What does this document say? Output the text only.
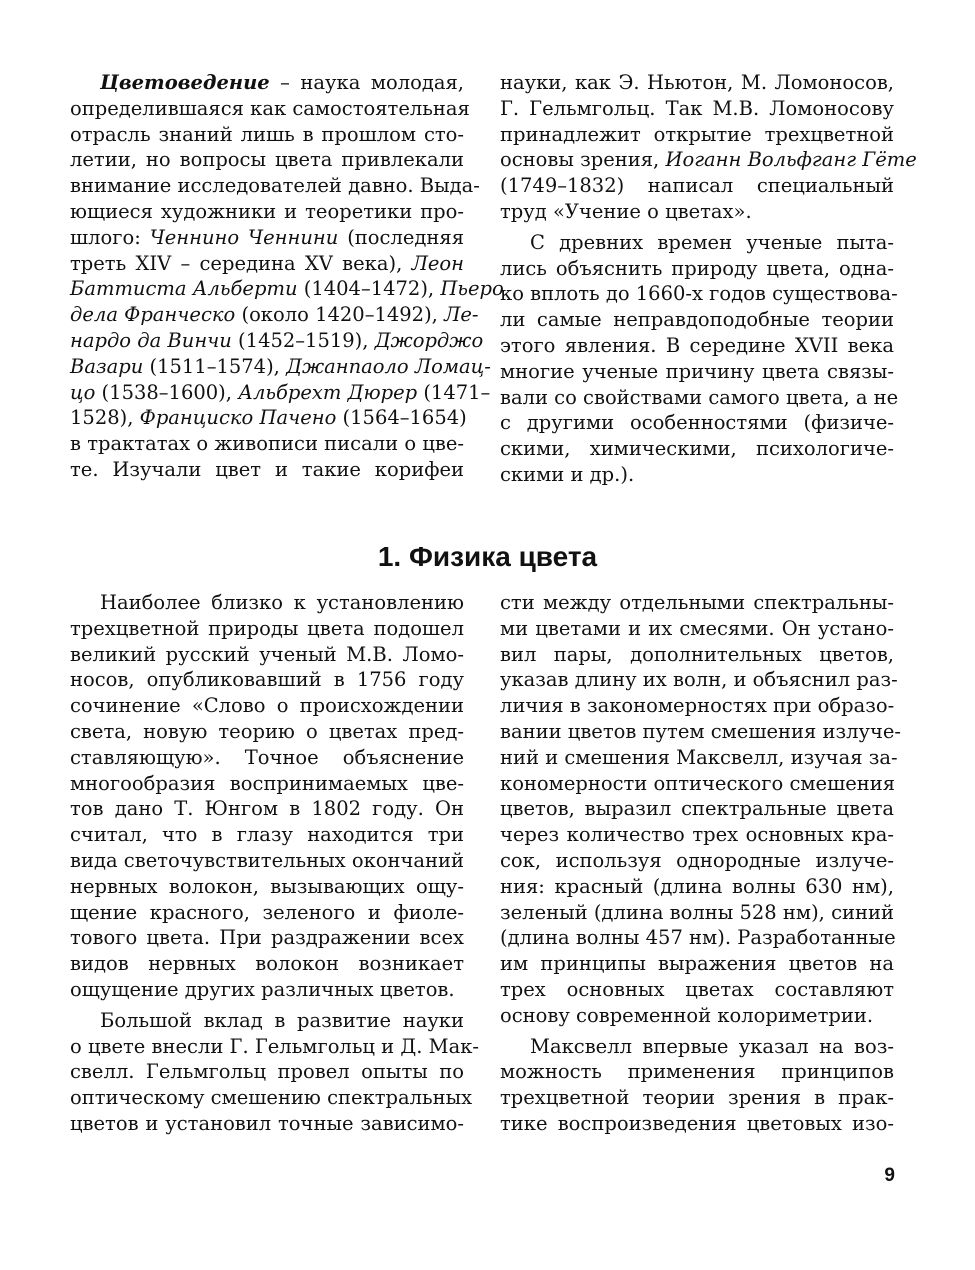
Цветоведение – наука молодая,
определившаяся как самостоятельная
отрасль знаний лишь в прошлом сто-
летии, но вопросы цвета привлекали
внимание исследователей давно. Выда-
ющиеся художники и теоретики про-
шлого: Ченнино Ченнини (последняя
треть XIV – середина XV века), Леон
Баттиста Альберти (1404–1472), Пьеро
дела Франческо (около 1420–1492), Ле-
нардо да Винчи (1452–1519), Джорджо
Вазари (1511–1574), Джанпаоло Ломац-
цо (1538–1600), Альбрехт Дюрер (1471–
1528), Франциско Пачено (1564–1654)
в трактатах о живописи писали о цве-
те. Изучали цвет и такие корифеи
науки, как Э. Ньютон, М. Ломоносов,
Г. Гельмгольц. Так М.В. Ломоносову
принадлежит открытие трехцветной
основы зрения, Иоганн Вольфганг Гёте
(1749–1832) написал специальный
труд «Учение о цветах».
С древних времен ученые пыта-
лись объяснить природу цвета, одна-
ко вплоть до 1660-х годов существова-
ли самые неправдоподобные теории
этого явления. В середине XVII века
многие ученые причину цвета связы-
вали со свойствами самого цвета, а не
с другими особенностями (физиче-
скими, химическими, психологиче-
скими и др.).
1. Физика цвета
Наиболее близко к установлению
трехцветной природы цвета подошел
великий русский ученый М.В. Ломо-
носов, опубликовавший в 1756 году
сочинение «Слово о происхождении
света, новую теорию о цветах пред-
ставляющую». Точное объяснение
многообразия воспринимаемых цве-
тов дано Т. Юнгом в 1802 году. Он
считал, что в глазу находится три
вида светочувствительных окончаний
нервных волокон, вызывающих ощу-
щение красного, зеленого и фиоле-
тового цвета. При раздражении всех
видов нервных волокон возникает
ощущение других различных цветов.
Большой вклад в развитие науки
о цвете внесли Г. Гельмгольц и Д. Мак-
свелл. Гельмгольц провел опыты по
оптическому смешению спектральных
цветов и установил точные зависимо-
сти между отдельными спектральны-
ми цветами и их смесями. Он устано-
вил пары, дополнительных цветов,
указав длину их волн, и объяснил раз-
личия в закономерностях при образо-
вании цветов путем смешения излуче-
ний и смешения Максвелл, изучая за-
кономерности оптического смешения
цветов, выразил спектральные цвета
через количество трех основных кра-
сок, используя однородные излуче-
ния: красный (длина волны 630 нм),
зеленый (длина волны 528 нм), синий
(длина волны 457 нм). Разработанные
им принципы выражения цветов на
трех основных цветах составляют
основу современной колориметрии.
Максвелл впервые указал на воз-
можность применения принципов
трехцветной теории зрения в прак-
тике воспроизведения цветовых изо-
9
